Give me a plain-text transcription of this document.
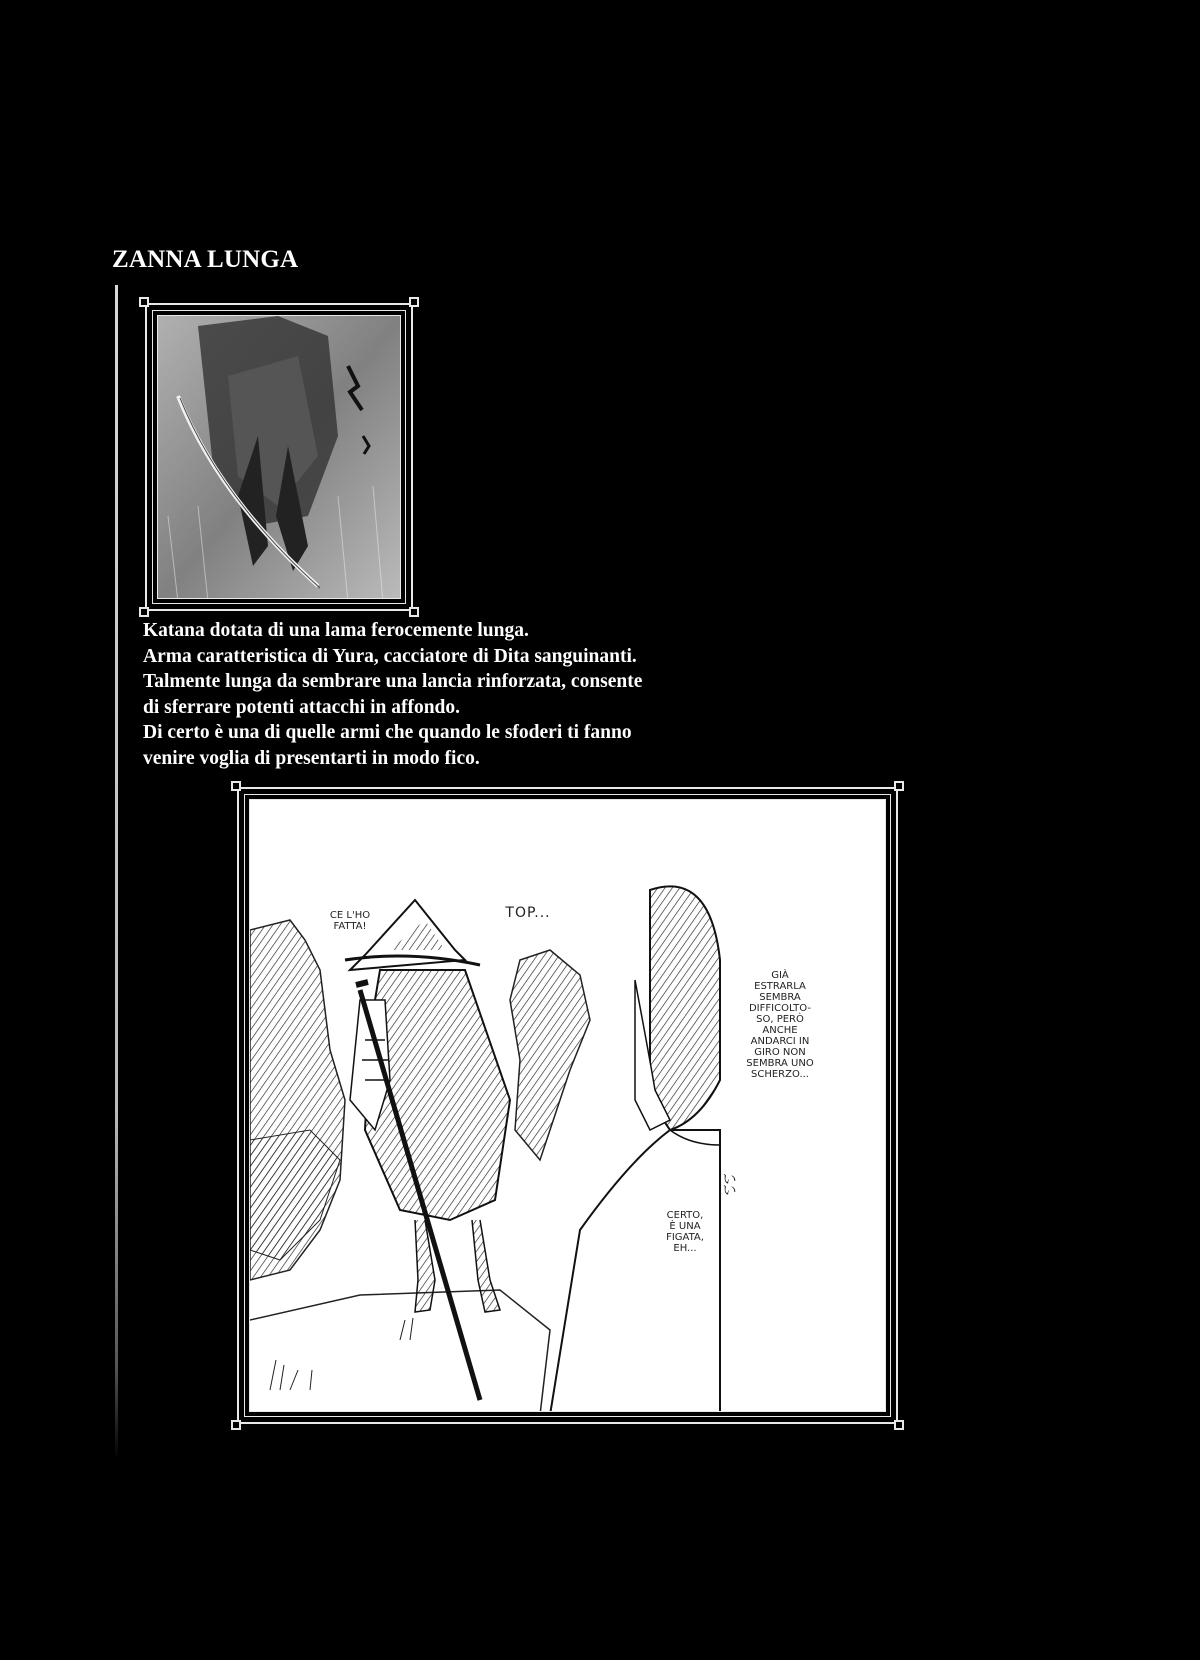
ZANNA LUNGA

Katana dotata di una lama ferocemente lunga.

Arma caratteristica di Yura, cacciatore di Dita sanguinanti.

Talmente lunga da sembrare una lancia rinforzata, consente

di sferrare potenti attacchi in affondo.

Di certo è una di quelle armi che quando le sfoderi ti fanno

venire voglia di presentarti in modo fico.

CE L'HO
FATTA!
TOP...
GIÀ
ESTRARLA
SEMBRA
DIFFICOLTO-
SO, PERÒ
ANCHE
ANDARCI IN
GIRO NON
SEMBRA UNO
SCHERZO...
CERTO,
È UNA
FIGATA,
EH...
い
い
